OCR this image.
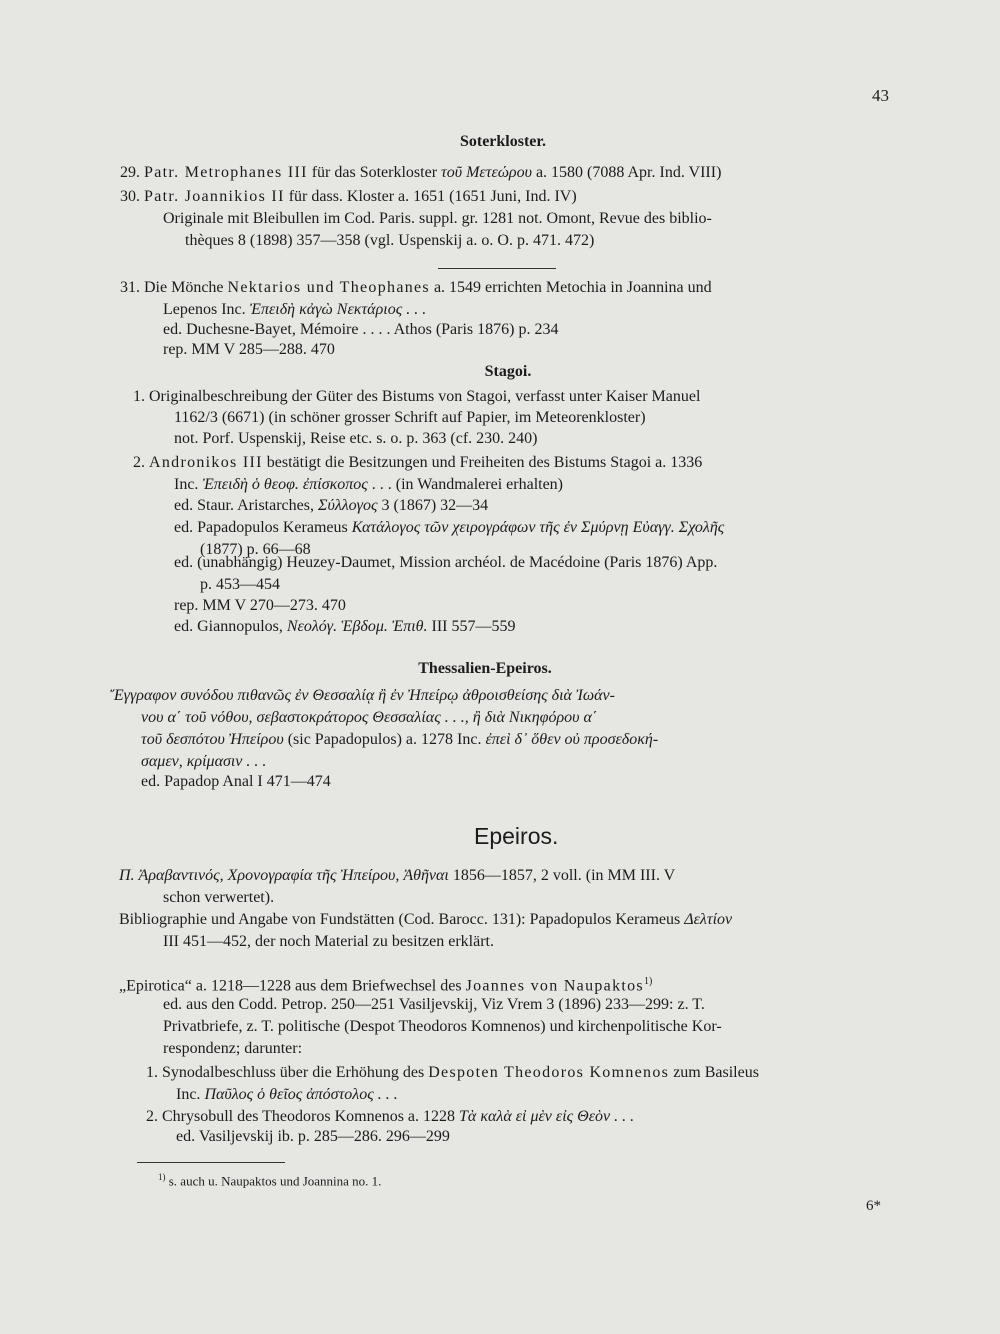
43
Soterkloster.
29. Patr. Metrophanes III für das Soterkloster τοῦ Μετεώρου a. 1580 (7088 Apr. Ind. VIII)
30. Patr. Joannikios II für dass. Kloster a. 1651 (1651 Juni, Ind. IV)
Originale mit Bleibullen im Cod. Paris. suppl. gr. 1281 not. Omont, Revue des biblio-
thèques 8 (1898) 357—358 (vgl. Uspenskij a. o. O. p. 471. 472)
31. Die Mönche Nektarios und Theophanes a. 1549 errichten Metochia in Joannina und
Lepenos Inc. Ἐπειδὴ κἀγὼ Νεκτάριος . . .
ed. Duchesne-Bayet, Mémoire . . . . Athos (Paris 1876) p. 234
rep. MM V 285—288. 470
Stagoi.
1. Originalbeschreibung der Güter des Bistums von Stagoi, verfasst unter Kaiser Manuel
1162/3 (6671) (in schöner grosser Schrift auf Papier, im Meteorenkloster)
not. Porf. Uspenskij, Reise etc. s. o. p. 363 (cf. 230. 240)
2. Andronikos III bestätigt die Besitzungen und Freiheiten des Bistums Stagoi a. 1336
Inc. Ἐπειδὴ ὁ θεοφ. ἐπίσκοπος . . . (in Wandmalerei erhalten)
ed. Staur. Aristarches, Σύλλογος 3 (1867) 32—34
ed. Papadopulos Kerameus Κατάλογος τῶν χειρογράφων τῆς ἐν Σμύρνῃ Εὐαγγ. Σχολῆς
(1877) p. 66—68
ed. (unabhängig) Heuzey-Daumet, Mission archéol. de Macédoine (Paris 1876) App.
p. 453—454
rep. MM V 270—273. 470
ed. Giannopulos, Νεολόγ. Ἑβδομ. Ἐπιθ. III 557—559
Thessalien-Epeiros.
Ἔγγραφον συνόδου πιθανῶς ἐν Θεσσαλίᾳ ἢ ἐν Ἠπείρῳ ἀθροισθείσης διὰ Ἰωάν-
νου α΄ τοῦ νόθου, σεβαστοκράτορος Θεσσαλίας . . ., ἢ διὰ Νικηφόρου α΄
τοῦ δεσπότου Ἠπείρου (sic Papadopulos) a. 1278 Inc. ἐπεὶ δ᾽ ὅθεν οὐ προσεδοκή-
σαμεν, κρίμασιν . . .
ed. Papadop Anal I 471—474
Epeiros.
Π. Ἀραβαντινός, Χρονογραφία τῆς Ἠπείρου, Ἀθῆναι 1856—1857, 2 voll. (in MM III. V
schon verwertet).
Bibliographie und Angabe von Fundstätten (Cod. Barocc. 131): Papadopulos Kerameus Δελτίον
III 451—452, der noch Material zu besitzen erklärt.
„Epirotica“ a. 1218—1228 aus dem Briefwechsel des Joannes von Naupaktos$^{1)}$
ed. aus den Codd. Petrop. 250—251 Vasiljevskij, Viz Vrem 3 (1896) 233—299: z. T.
Privatbriefe, z. T. politische (Despot Theodoros Komnenos) und kirchenpolitische Kor-
respondenz; darunter:
1. Synodalbeschluss über die Erhöhung des Despoten Theodoros Komnenos zum Basileus
Inc. Παῦλος ὁ θεῖος ἀπόστολος . . .
2. Chrysobull des Theodoros Komnenos a. 1228 Τὰ καλὰ εἰ μὲν εἰς Θεὸν . . .
ed. Vasiljevskij ib. p. 285—286. 296—299
$^{1)}$ s. auch u. Naupaktos und Joannina no. 1.
6*
